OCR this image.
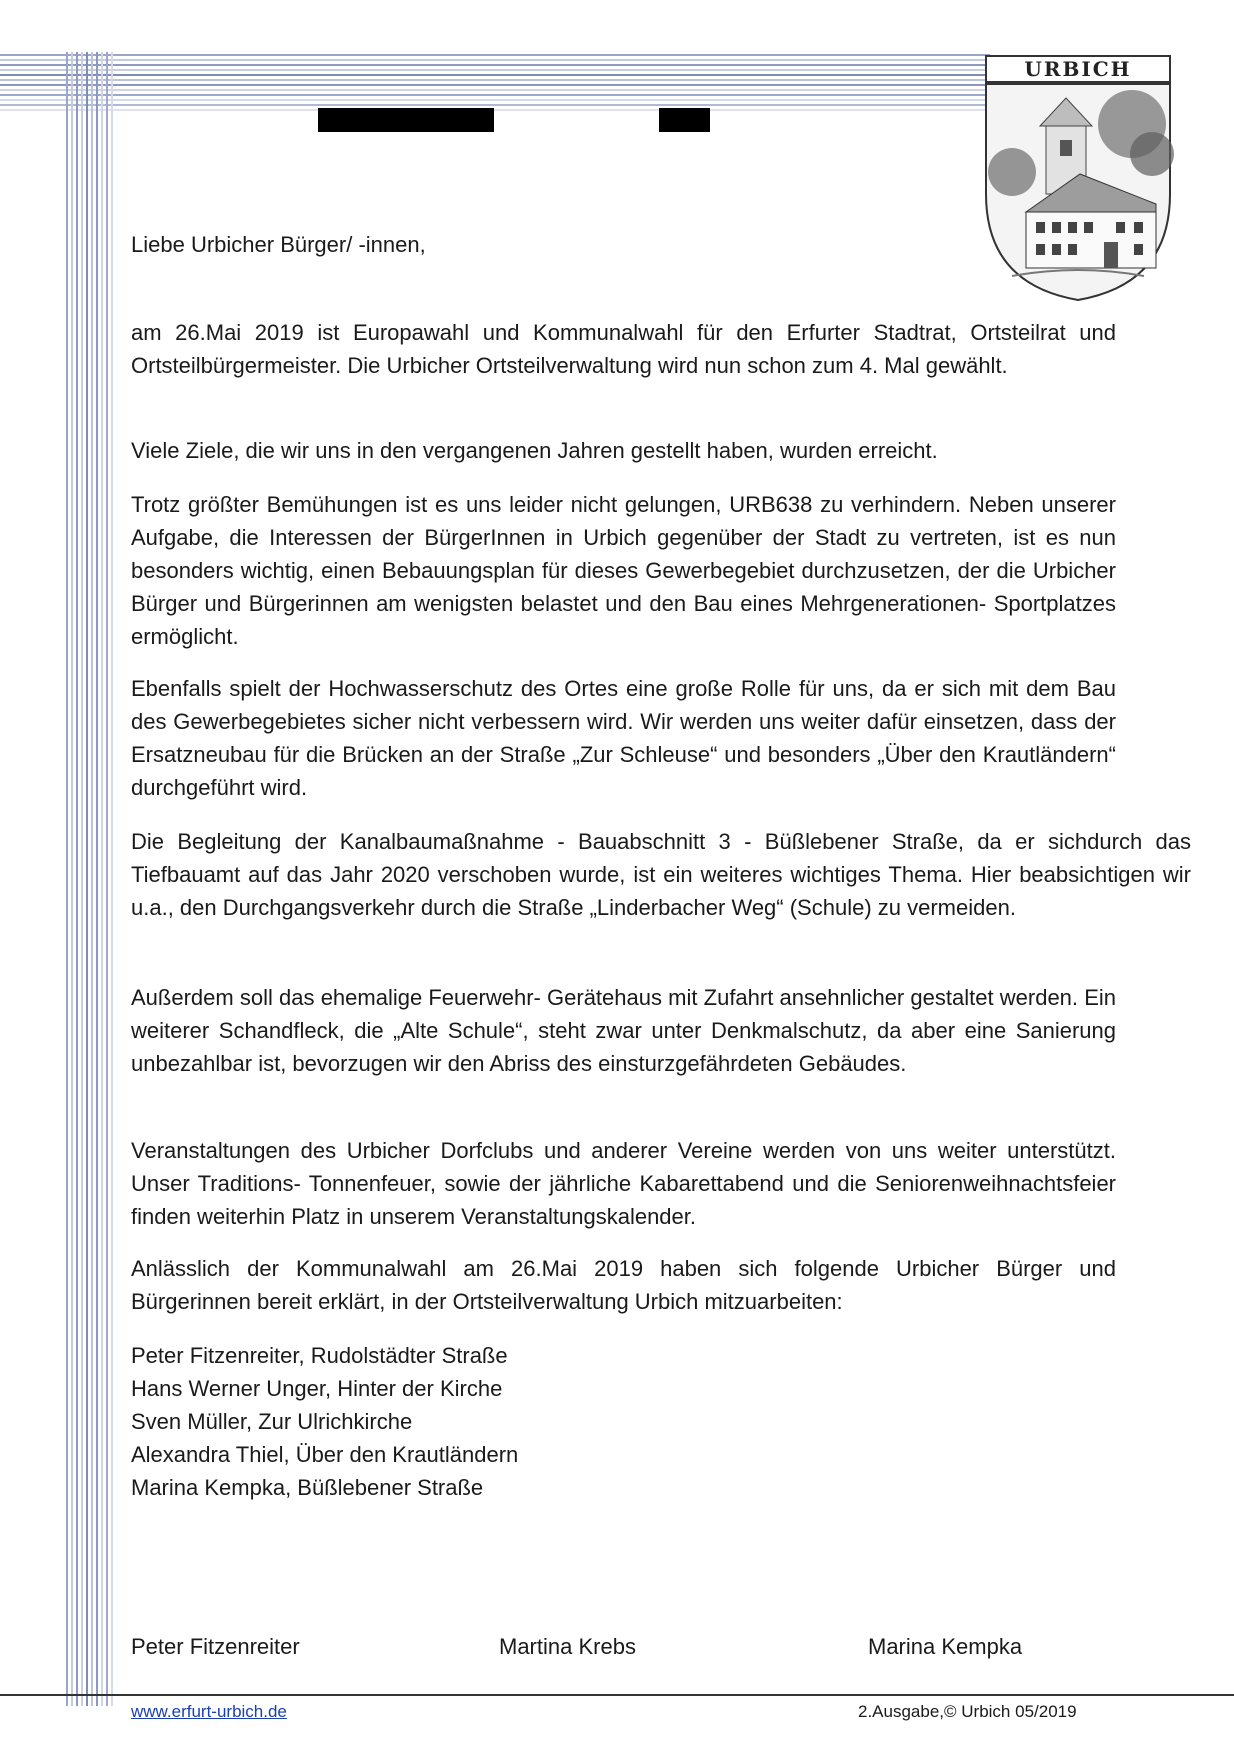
URBICH
Liebe Urbicher Bürger/ -innen,

am 26.Mai 2019 ist Europawahl und Kommunalwahl für den Erfurter Stadtrat, Ortsteilrat und Ortsteilbürgermeister. Die Urbicher Ortsteilverwaltung wird nun schon zum 4. Mal gewählt.

Viele Ziele, die wir uns in den vergangenen Jahren gestellt haben, wurden erreicht.

Trotz größter Bemühungen ist es uns leider nicht gelungen, URB638 zu verhindern. Neben unserer Aufgabe, die Interessen der BürgerInnen in Urbich gegenüber der Stadt zu vertreten, ist es nun besonders wichtig, einen Bebauungsplan für dieses Gewerbegebiet durchzusetzen, der die Urbicher Bürger und Bürgerinnen am wenigsten belastet und den Bau eines Mehrgenerationen- Sportplatzes ermöglicht.

Ebenfalls spielt der Hochwasserschutz des Ortes eine große Rolle für uns, da er sich mit dem Bau des Gewerbegebietes sicher nicht verbessern wird. Wir werden uns weiter dafür einsetzen, dass der Ersatzneubau für die Brücken an der Straße „Zur Schleuse“ und besonders „Über den Krautländern“ durchgeführt wird.

Die Begleitung der Kanalbaumaßnahme - Bauabschnitt 3 - Büßlebener Straße, da er sichdurch das Tiefbauamt auf das Jahr 2020 verschoben wurde, ist ein weiteres wichtiges Thema. Hier beabsichtigen wir u.a., den Durchgangsverkehr durch die Straße „Linderbacher Weg“ (Schule) zu vermeiden.

Außerdem soll das ehemalige Feuerwehr- Gerätehaus mit Zufahrt ansehnlicher gestaltet werden. Ein weiterer Schandfleck, die „Alte Schule“, steht zwar unter Denkmalschutz, da aber eine Sanierung unbezahlbar ist, bevorzugen wir den Abriss des einsturzgefährdeten Gebäudes.

Veranstaltungen des Urbicher Dorfclubs und anderer Vereine werden von uns weiter unterstützt. Unser Traditions- Tonnenfeuer, sowie der jährliche Kabarettabend und die Seniorenweihnachtsfeier finden weiterhin Platz in unserem Veranstaltungskalender.

Anlässlich der Kommunalwahl am 26.Mai 2019 haben sich folgende Urbicher Bürger und Bürgerinnen bereit erklärt, in der Ortsteilverwaltung Urbich mitzuarbeiten:

Peter Fitzenreiter, Rudolstädter Straße
Hans Werner Unger, Hinter der Kirche
Sven Müller, Zur Ulrichkirche
Alexandra Thiel, Über den Krautländern
Marina Kempka, Büßlebener Straße
Peter Fitzenreiter	Martina Krebs	Marina Kempka
www.erfurt-urbich.de	2.Ausgabe,© Urbich 05/2019
